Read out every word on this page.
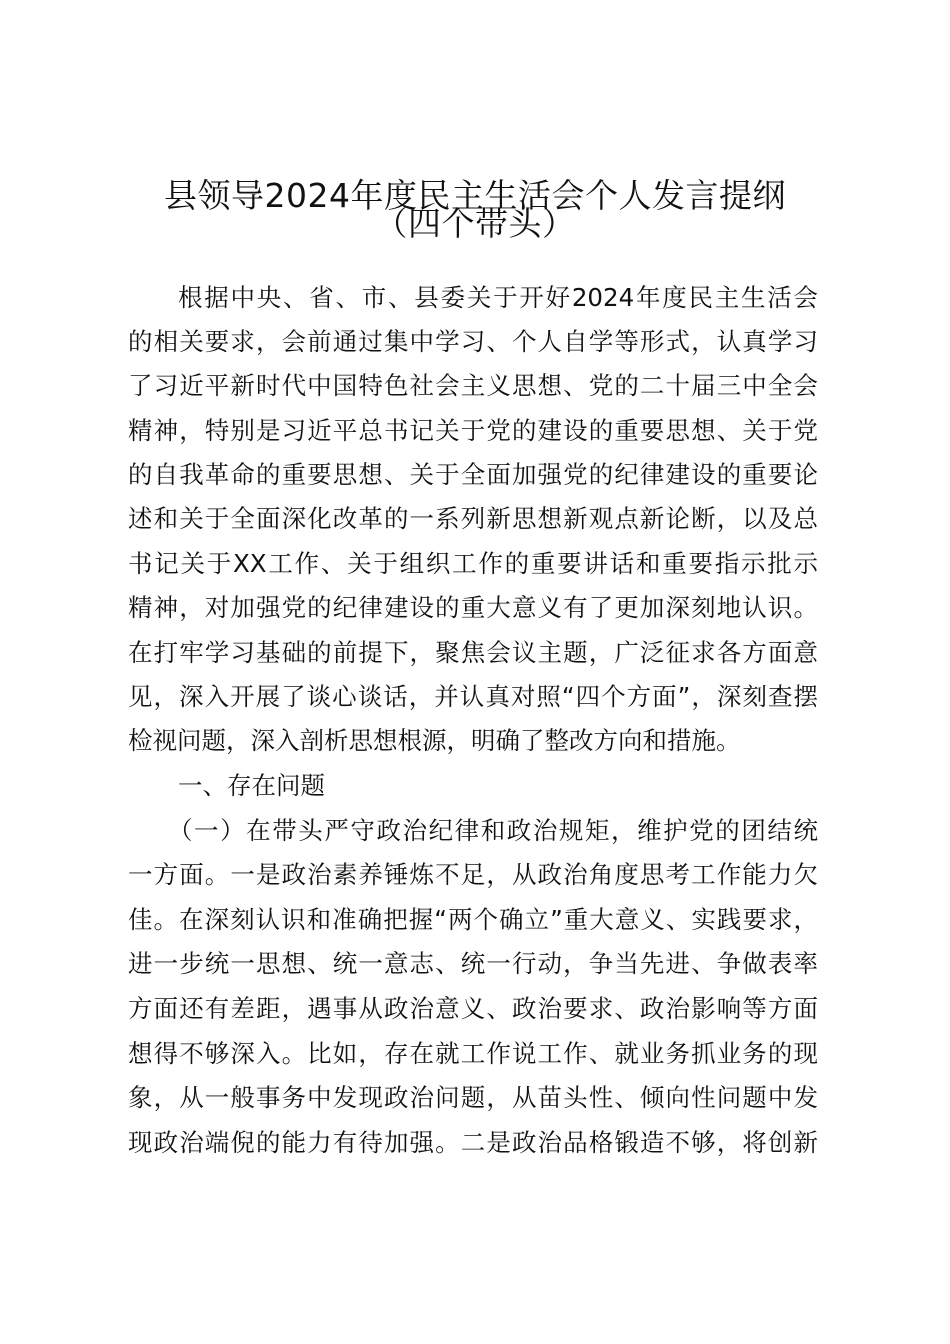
县领导2024年度民主生活会个人发言提纲
（四个带头）
根据中央、省、市、县委关于开好2024年度民主生活会
的相关要求，会前通过集中学习、个人自学等形式，认真学习
了习近平新时代中国特色社会主义思想、党的二十届三中全会
精神，特别是习近平总书记关于党的建设的重要思想、关于党
的自我革命的重要思想、关于全面加强党的纪律建设的重要论
述和关于全面深化改革的一系列新思想新观点新论断，以及总
书记关于XX工作、关于组织工作的重要讲话和重要指示批示
精神，对加强党的纪律建设的重大意义有了更加深刻地认识。
在打牢学习基础的前提下，聚焦会议主题，广泛征求各方面意
见，深入开展了谈心谈话，并认真对照“四个方面”，深刻查摆
检视问题，深入剖析思想根源，明确了整改方向和措施。
一、存在问题
（一）在带头严守政治纪律和政治规矩，维护党的团结统
一方面。一是政治素养锤炼不足，从政治角度思考工作能力欠
佳。在深刻认识和准确把握“两个确立”重大意义、实践要求，
进一步统一思想、统一意志、统一行动，争当先进、争做表率
方面还有差距，遇事从政治意义、政治要求、政治影响等方面
想得不够深入。比如，存在就工作说工作、就业务抓业务的现
象，从一般事务中发现政治问题，从苗头性、倾向性问题中发
现政治端倪的能力有待加强。二是政治品格锻造不够，将创新
